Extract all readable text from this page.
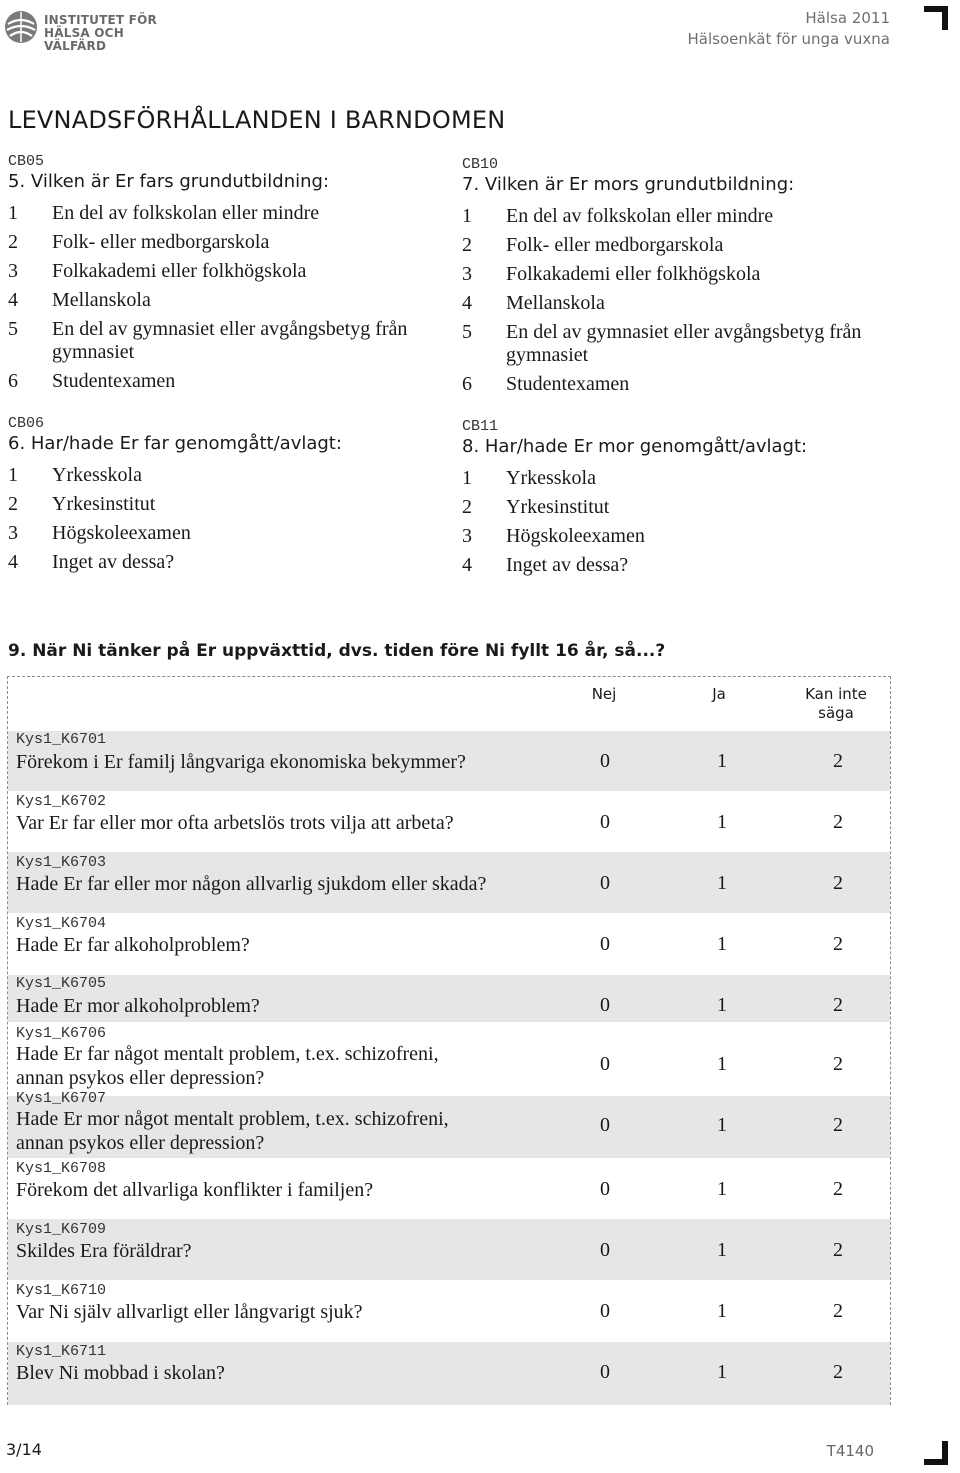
INSTITUTET FÖR
HÄLSA OCH VÄLFÄRD
Hälsa 2011
Hälsoenkät för unga vuxna
LEVNADSFÖRHÅLLANDEN I BARNDOMEN
CB05
5. Vilken är Er fars grundutbildning:
1	En del av folkskolan eller mindre
2	Folk- eller medborgarskola
3	Folkakademi eller folkhögskola
4	Mellanskola
5	En del av gymnasiet eller avgångsbetyg från gymnasiet
6	Studentexamen
CB06
6. Har/hade Er far genomgått/avlagt:
1	Yrkesskola
2	Yrkesinstitut
3	Högskoleexamen
4	Inget av dessa?
CB10
7. Vilken är Er mors grundutbildning:
1	En del av folkskolan eller mindre
2	Folk- eller medborgarskola
3	Folkakademi eller folkhögskola
4	Mellanskola
5	En del av gymnasiet eller avgångsbetyg från gymnasiet
6	Studentexamen
CB11
8. Har/hade Er mor genomgått/avlagt:
1	Yrkesskola
2	Yrkesinstitut
3	Högskoleexamen
4	Inget av dessa?
9. När Ni tänker på Er uppväxttid, dvs. tiden före Ni fyllt 16 år, så...?
Nej	Ja	Kan inte säga
Kys1_K6701
Förekom i Er familj långvariga ekonomiska bekymmer?	0	1	2
Kys1_K6702
Var Er far eller mor ofta arbetslös trots vilja att arbeta?	0	1	2
Kys1_K6703
Hade Er far eller mor någon allvarlig sjukdom eller skada?	0	1	2
Kys1_K6704
Hade Er far alkoholproblem?	0	1	2
Kys1_K6705
Hade Er mor alkoholproblem?	0	1	2
Kys1_K6706
Hade Er far något mentalt problem, t.ex. schizofreni,
annan psykos eller depression?
0	1	2
Kys1_K6707
Hade Er mor något mentalt problem, t.ex. schizofreni,
annan psykos eller depression?
0	1	2
Kys1_K6708
Förekom det allvarliga konflikter i familjen?	0	1	2
Kys1_K6709
Skildes Era föräldrar?	0	1	2
Kys1_K6710
Var Ni själv allvarligt eller långvarigt sjuk?	0	1	2
Kys1_K6711
Blev Ni mobbad i skolan?	0	1	2
3/14	T4140
